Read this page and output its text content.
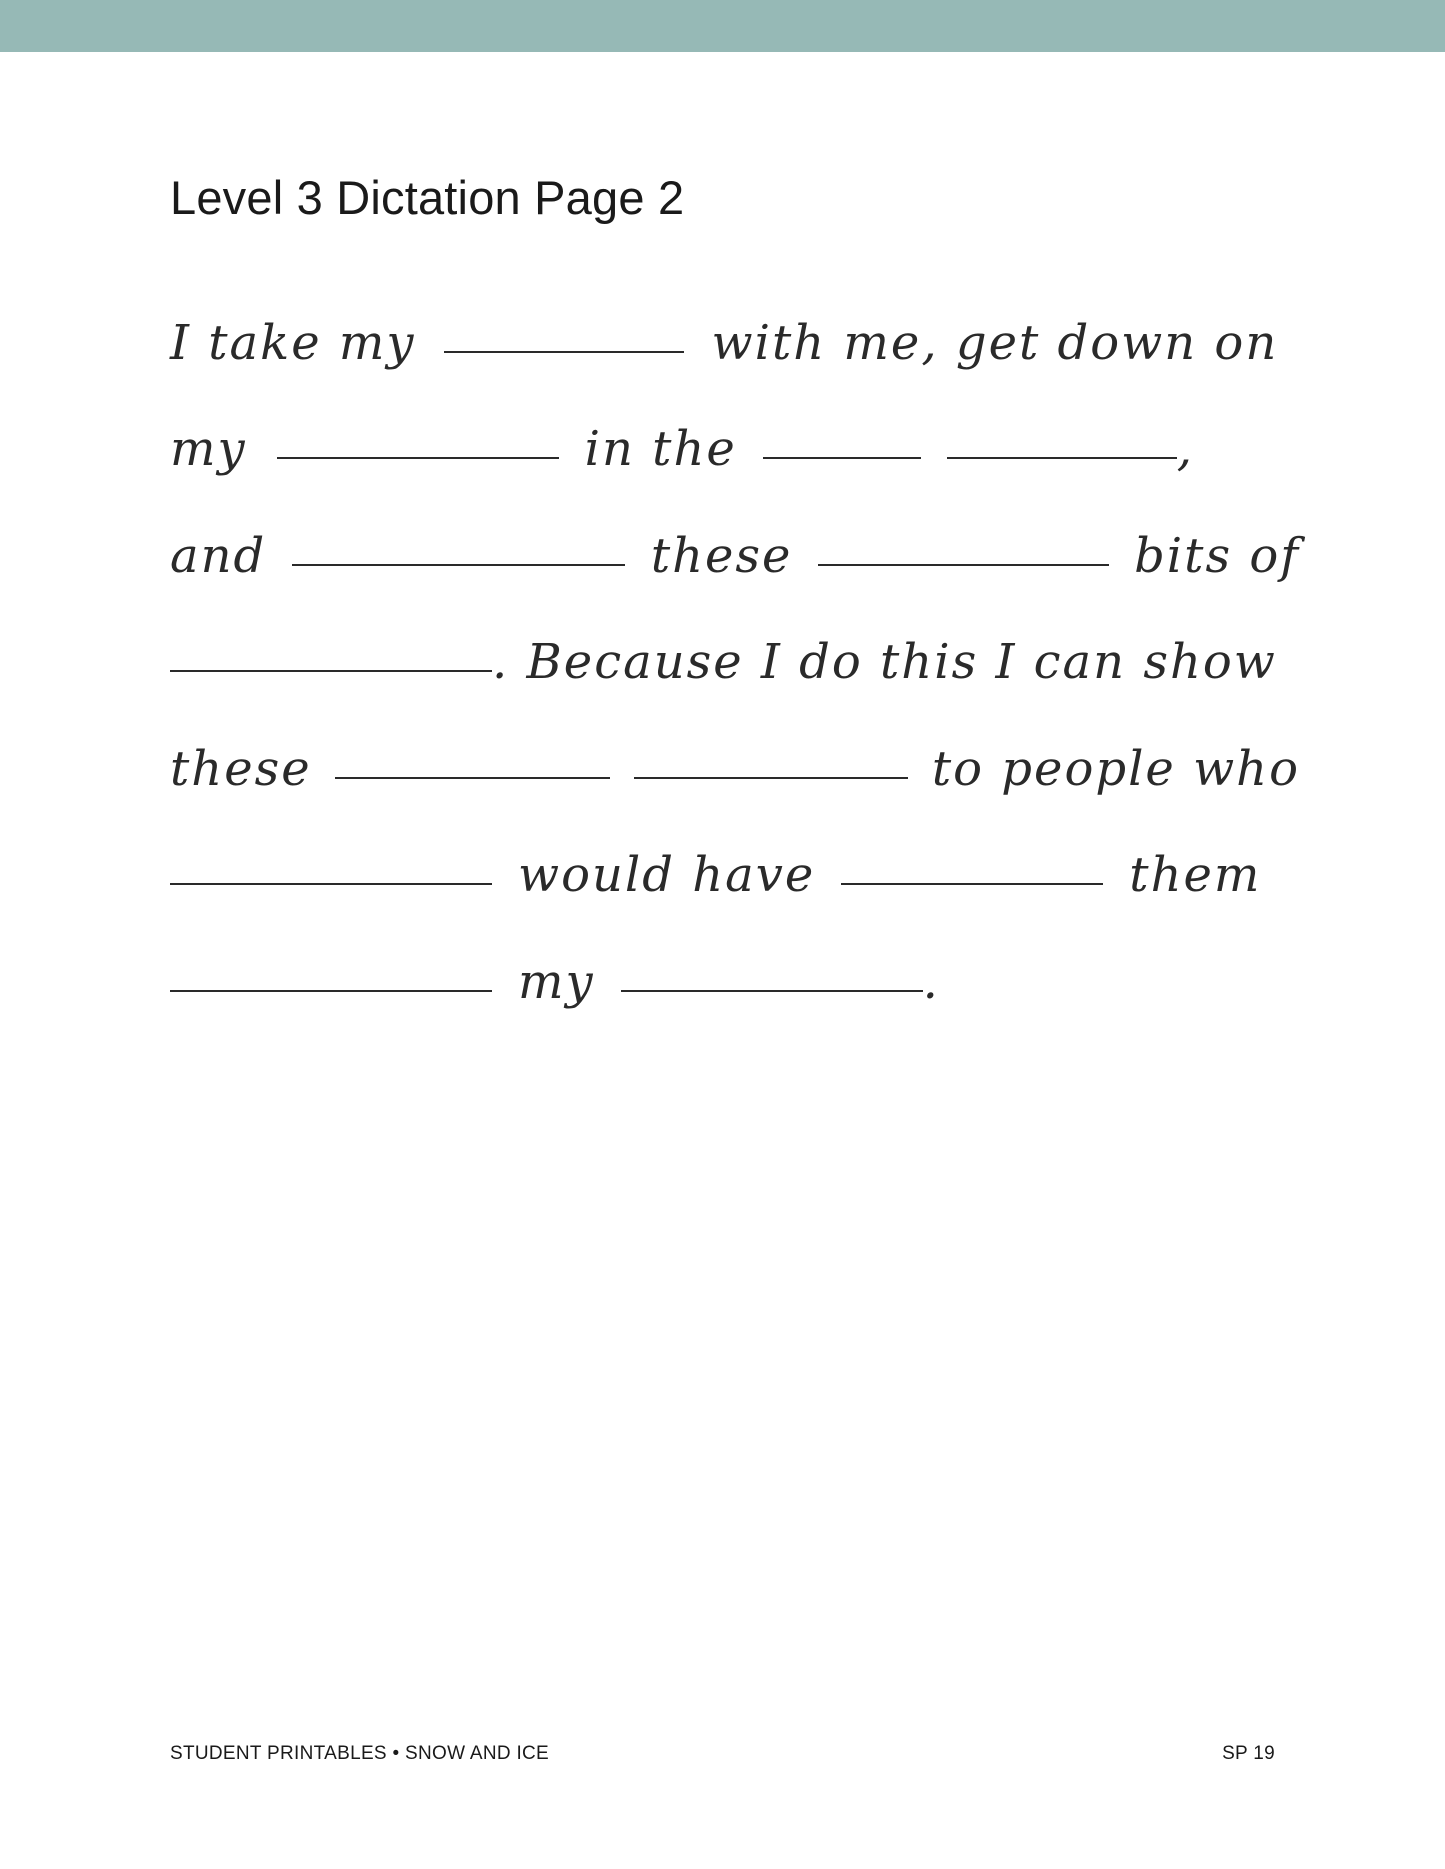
Level 3 Dictation Page 2
I take my	with me, get down on
my	in the	,
and	these	bits of
. Because I do this I can show
these	to people who
would have	them
my	.
STUDENT PRINTABLES • SNOW AND ICE	SP 19
